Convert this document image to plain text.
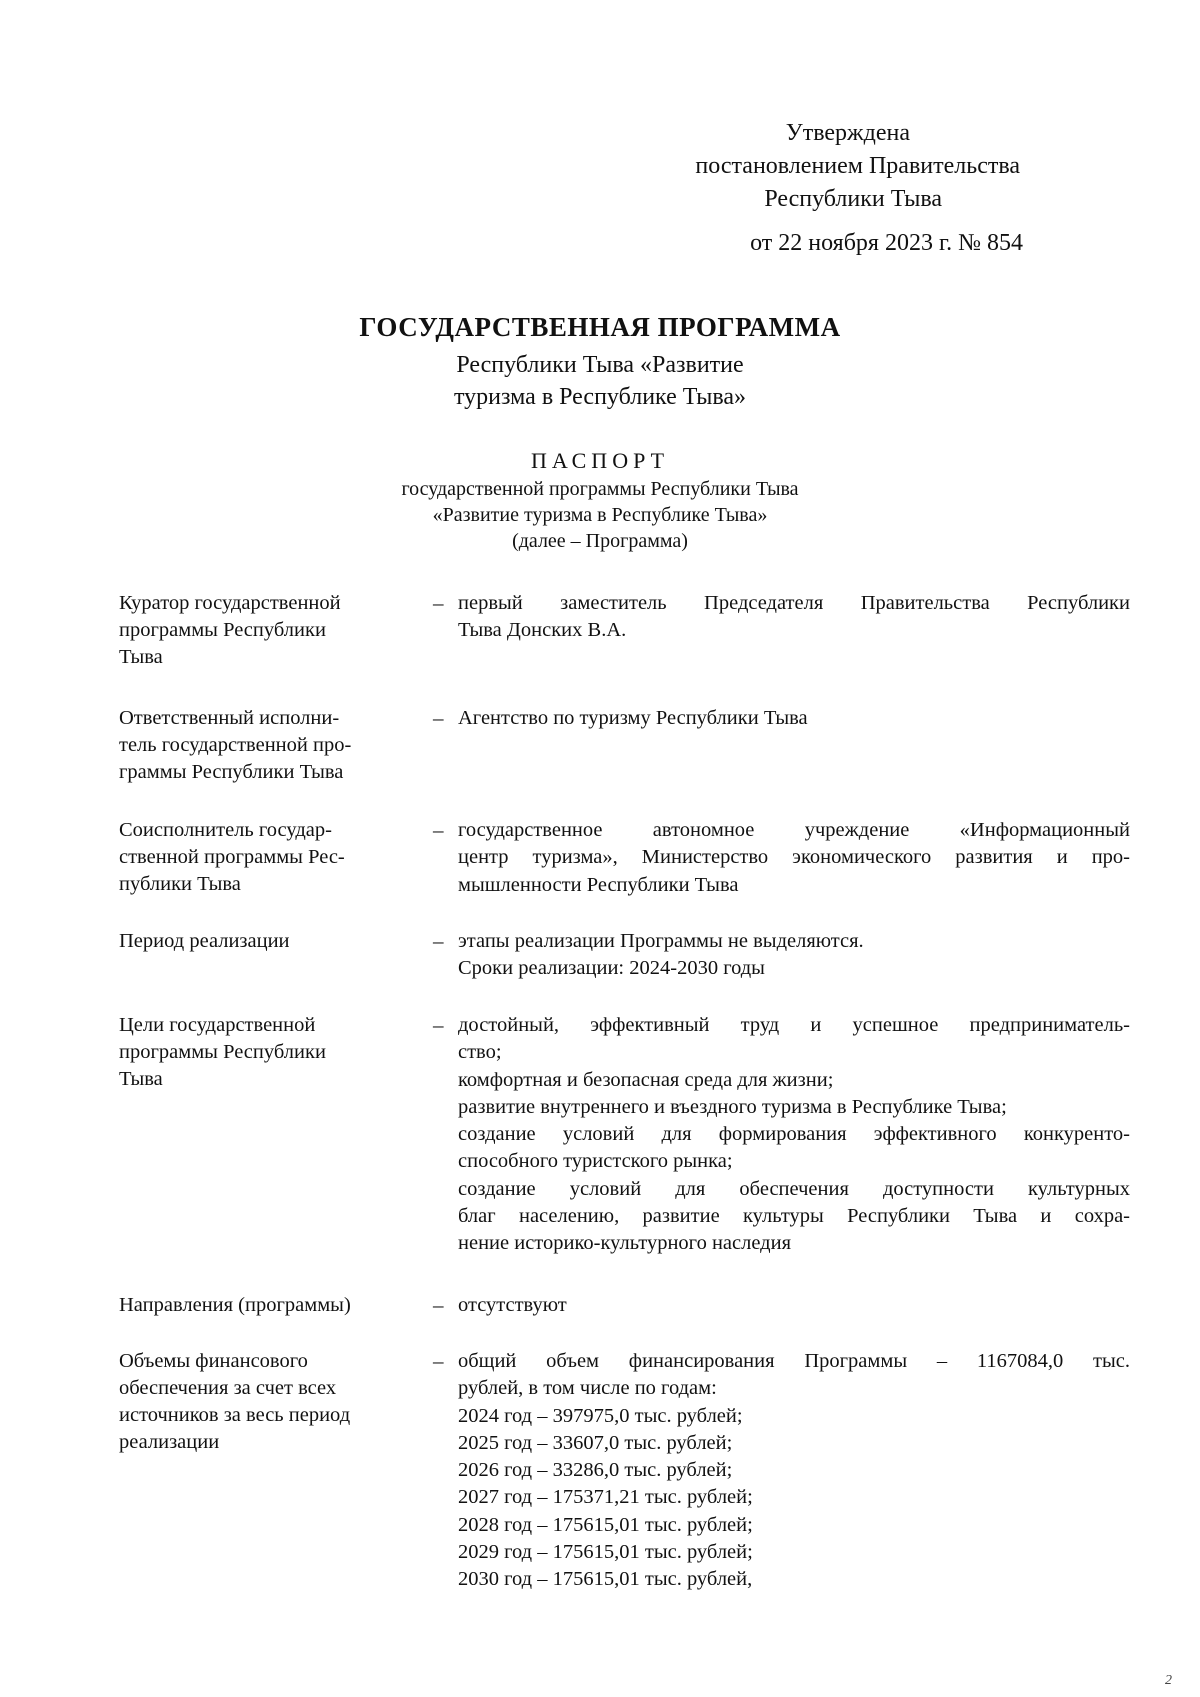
Утверждена
постановлением Правительства
Республики Тыва
от 22 ноября 2023 г. № 854
ГОСУДАРСТВЕННАЯ ПРОГРАММА
Республики Тыва «Развитие
туризма в Республике Тыва»
ПАСПОРТ
государственной программы Республики Тыва
«Развитие туризма в Республике Тыва»
(далее – Программа)
Куратор государственной
программы Республики
Тыва
– первый заместитель Председателя Правительства Республики
Тыва Донских В.А.
Ответственный исполни-
тель государственной про-
граммы Республики Тыва
– Агентство по туризму Республики Тыва
Соисполнитель государ-
ственной программы Рес-
публики Тыва
– государственное автономное учреждение «Информационный
центр туризма», Министерство экономического развития и про-
мышленности Республики Тыва
Период реализации	– этапы реализации Программы не выделяются.
Сроки реализации: 2024-2030 годы
Цели государственной
программы Республики
Тыва
– достойный, эффективный труд и успешное предприниматель-
ство;
комфортная и безопасная среда для жизни;
развитие внутреннего и въездного туризма в Республике Тыва;
создание условий для формирования эффективного конкуренто-
способного туристского рынка;
создание условий для обеспечения доступности культурных
благ населению, развитие культуры Республики Тыва и сохра-
нение историко-культурного наследия
Направления (программы)	– отсутствуют
Объемы финансового
обеспечения за счет всех
источников за весь период
реализации
– общий объем финансирования Программы – 1167084,0 тыс.
рублей, в том числе по годам:
2024 год – 397975,0 тыс. рублей;
2025 год – 33607,0 тыс. рублей;
2026 год – 33286,0 тыс. рублей;
2027 год – 175371,21 тыс. рублей;
2028 год – 175615,01 тыс. рублей;
2029 год – 175615,01 тыс. рублей;
2030 год – 175615,01 тыс. рублей,
2
